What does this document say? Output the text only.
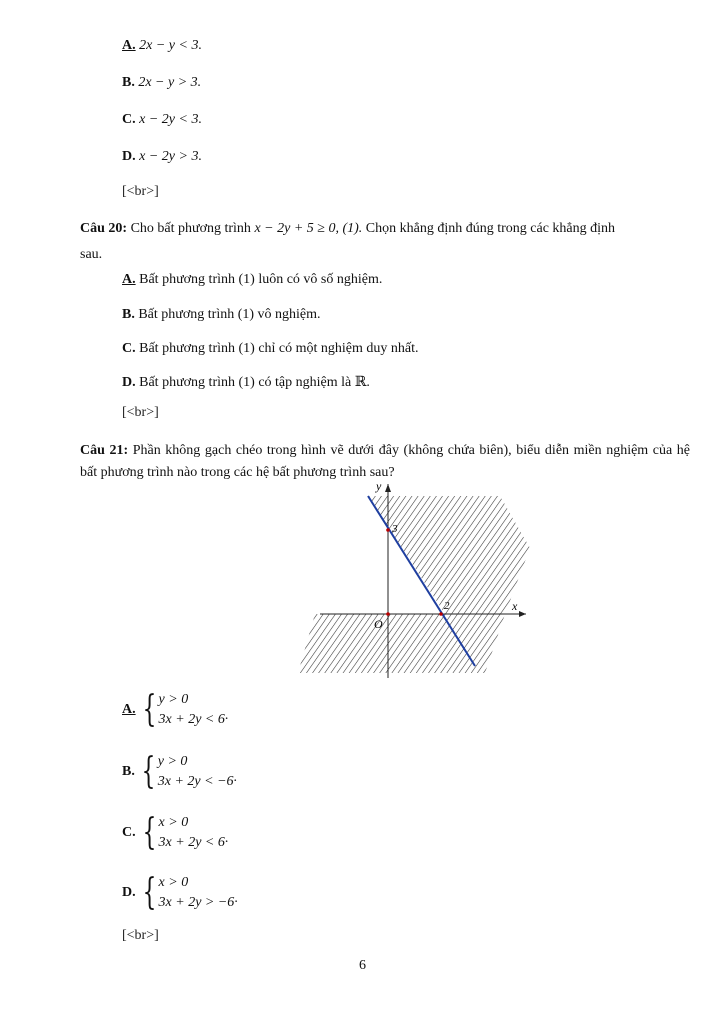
A. 2x − y < 3.
B. 2x − y > 3.
C. x − 2y < 3.
D. x − 2y > 3.
[<br>]
Câu 20: Cho bất phương trình x − 2y + 5 ≥ 0, (1). Chọn khẳng định đúng trong các khẳng định
sau.
A. Bất phương trình (1) luôn có vô số nghiệm.
B. Bất phương trình (1) vô nghiệm.
C. Bất phương trình (1) chỉ có một nghiệm duy nhất.
D. Bất phương trình (1) có tập nghiệm là ℝ.
[<br>]
Câu 21: Phần không gạch chéo trong hình vẽ dưới đây (không chứa biên), biểu diễn miền nghiệm của hệ bất phương trình nào trong các hệ bất phương trình sau?
y
x
O
3
2
A. { y > 0
3x + 2y < 6 .
B. { y > 0
3x + 2y < −6 .
C. { x > 0
3x + 2y < 6 .
D. { x > 0
3x + 2y > −6 .
[<br>]
6
